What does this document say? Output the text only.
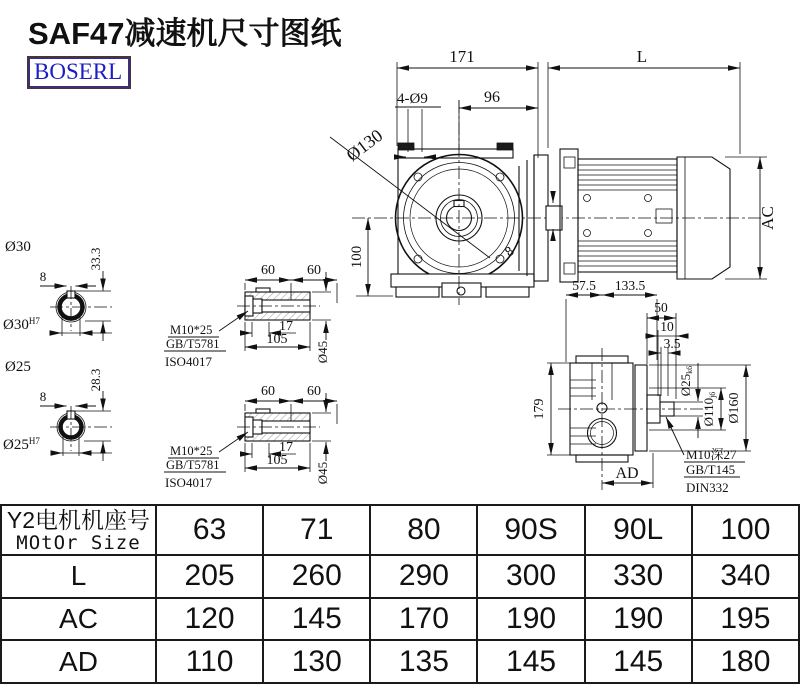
SAF47减速机尺寸图纸
BOSERL
171	L
96
4-Ø9
Ø130
8
100
AC
57.5 133.5
179
AD
50
10
3.5
Ø25k6
Ø110j6 Ø160
M10深27
GB/T145
DIN332
60 60
17
105
Ø45
M10*25
GB/T5781
ISO4017
60 60
17
105
Ø45
M10*25
GB/T5781
ISO4017
Ø30
8
33.3
$Ø30^{H7}$
Ø25
8
28.3
$Ø25^{H7}$
Y2电机机座号
MOtOr Size	63	71	80	90S	90L	100
L	205	260	290	300	330	340
AC	120	145	170	190	190	195
AD	110	130	135	145	145	180
